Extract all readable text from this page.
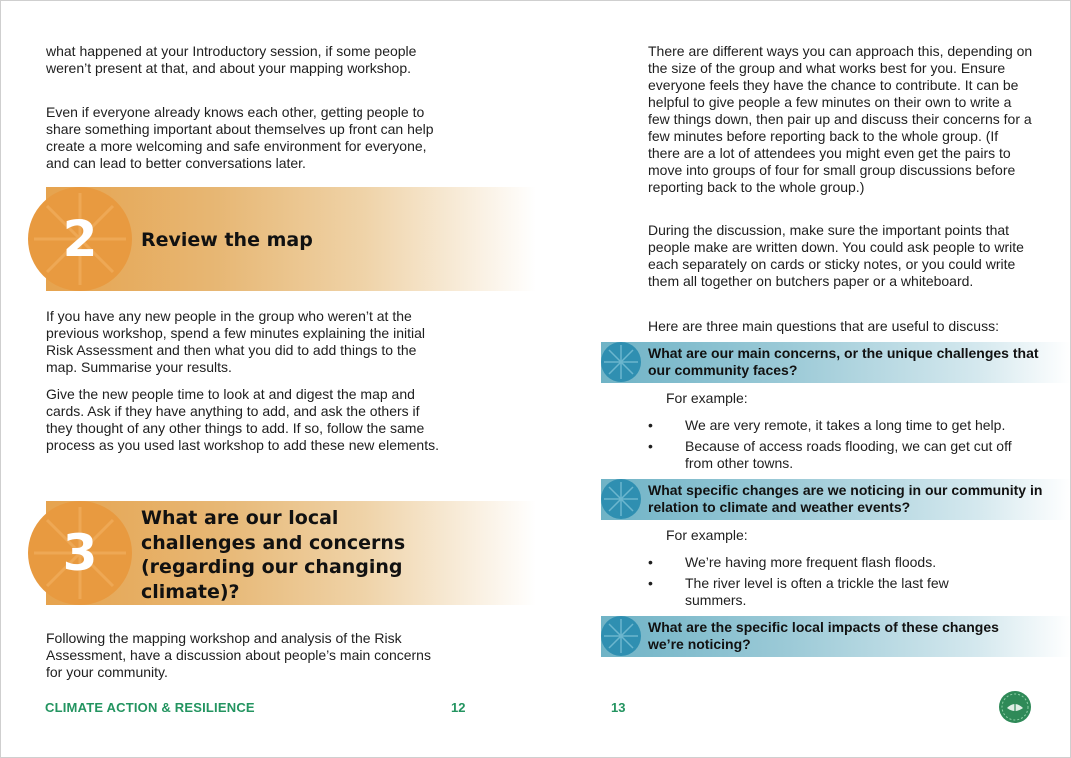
what happened at your Introductory session, if some people weren’t present at that, and about your mapping workshop.

Even if everyone already knows each other, getting people to share something important about themselves up front can help create a more welcoming and safe environment for everyone, and can lead to better conversations later.

2	Review the map

If you have any new people in the group who weren’t at the previous workshop, spend a few minutes explaining the initial Risk Assessment and then what you did to add things to the map. Summarise your results.

Give the new people time to look at and digest the map and cards. Ask if they have anything to add, and ask the others if they thought of any other things to add. If so, follow the same process as you used last workshop to add these new elements.

3
What are our local challenges and concerns (regarding our changing climate)?

Following the mapping workshop and analysis of the Risk Assessment, have a discussion about people’s main concerns for your community.

CLIMATE ACTION & RESILIENCE	12

There are different ways you can approach this, depending on the size of the group and what works best for you. Ensure everyone feels they have the chance to contribute. It can be helpful to give people a few minutes on their own to write a few things down, then pair up and discuss their concerns for a few minutes before reporting back to the whole group. (If there are a lot of attendees you might even get the pairs to move into groups of four for small group discussions before reporting back to the whole group.)

During the discussion, make sure the important points that people make are written down. You could ask people to write each separately on cards or sticky notes, or you could write them all together on butchers paper or a whiteboard.

Here are three main questions that are useful to discuss:

What are our main concerns, or the unique challenges that our community faces?
For example:
• We are very remote, it takes a long time to get help.
• Because of access roads flooding, we can get cut off from other towns.
What specific changes are we noticing in our community in relation to climate and weather events?
For example:
• We’re having more frequent flash floods.
• The river level is often a trickle the last few summers.
What are the specific local impacts of these changes we’re noticing?
13
